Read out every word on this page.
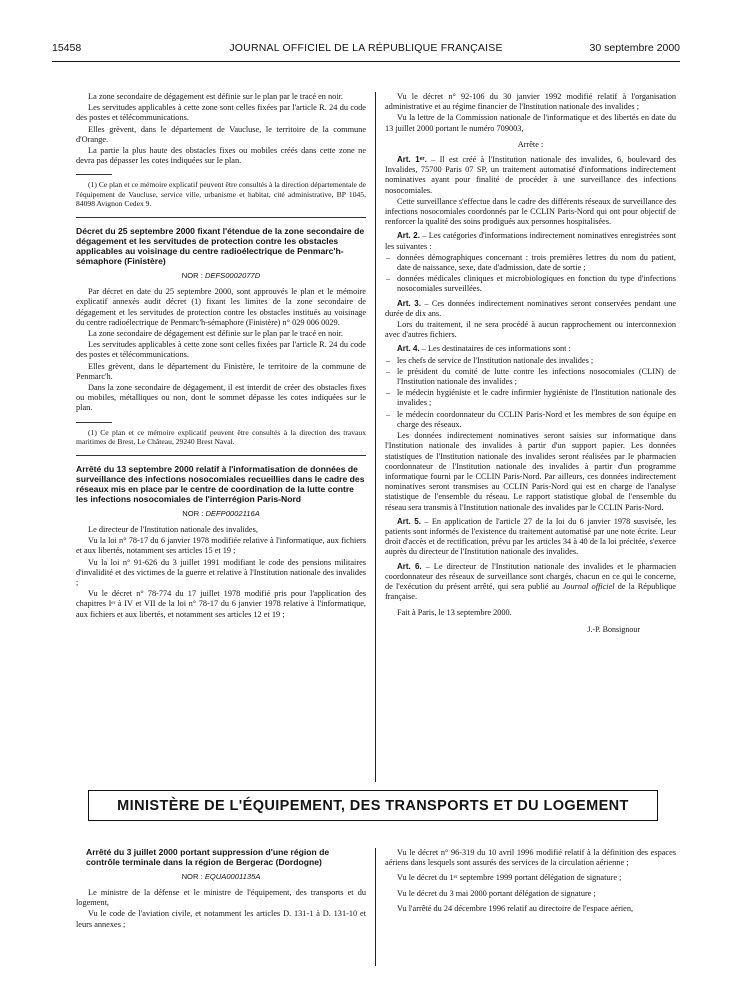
15458	JOURNAL OFFICIEL DE LA RÉPUBLIQUE FRANÇAISE	30 septembre 2000

La zone secondaire de dégagement est définie sur le plan par le tracé en noir.

Les servitudes applicables à cette zone sont celles fixées par l'article R. 24 du code des postes et télécommunications.

Elles grèvent, dans le département de Vaucluse, le territoire de la commune d'Orange.

La partie la plus haute des obstacles fixes ou mobiles créés dans cette zone ne devra pas dépasser les cotes indiquées sur le plan.

(1) Ce plan et ce mémoire explicatif peuvent être consultés à la direction départementale de l'équipement de Vaucluse, service ville, urbanisme et habitat, cité administrative, BP 1045, 84098 Avignon Cedex 9.

Décret du 25 septembre 2000 fixant l'étendue de la zone secondaire de dégagement et les servitudes de protection contre les obstacles applicables au voisinage du centre radioélectrique de Penmarc'h-sémaphore (Finistère)
NOR : DEFS0002077D

Par décret en date du 25 septembre 2000, sont approuvés le plan et le mémoire explicatif annexés audit décret (1) fixant les limites de la zone secondaire de dégagement et les servitudes de protection contre les obstacles institués au voisinage du centre radioélectrique de Penmarc'h-sémaphore (Finistère) n° 029 006 0029.

La zone secondaire de dégagement est définie sur le plan par le tracé en noir.

Les servitudes applicables à cette zone sont celles fixées par l'article R. 24 du code des postes et télécommunications.

Elles grèvent, dans le département du Finistère, le territoire de la commune de Penmarc'h.

Dans la zone secondaire de dégagement, il est interdit de créer des obstacles fixes ou mobiles, métalliques ou non, dont le sommet dépasse les cotes indiquées sur le plan.

(1) Ce plan et ce mémoire explicatif peuvent être consultés à la direction des travaux maritimes de Brest, Le Château, 29240 Brest Naval.

Arrêté du 13 septembre 2000 relatif à l'informatisation de données de surveillance des infections nosocomiales recueillies dans le cadre des réseaux mis en place par le centre de coordination de la lutte contre les infections nosocomiales de l'interrégion Paris-Nord
NOR : DEFP0002116A

Le directeur de l'Institution nationale des invalides,

Vu la loi n° 78-17 du 6 janvier 1978 modifiée relative à l'informatique, aux fichiers et aux libertés, notamment ses articles 15 et 19 ;

Vu la loi n° 91-626 du 3 juillet 1991 modifiant le code des pensions militaires d'invalidité et des victimes de la guerre et relative à l'Institution nationale des invalides ;

Vu le décret n° 78-774 du 17 juillet 1978 modifié pris pour l'application des chapitres Iᵉʳ à IV et VII de la loi n° 78-17 du 6 janvier 1978 relative à l'informatique, aux fichiers et aux libertés, et notamment ses articles 12 et 19 ;

Vu le décret n° 92-106 du 30 janvier 1992 modifié relatif à l'organisation administrative et au régime financier de l'Institution nationale des invalides ;

Vu la lettre de la Commission nationale de l'informatique et des libertés en date du 13 juillet 2000 portant le numéro 709003,

Arrête :

Art. 1ᵉʳ. – Il est créé à l'Institution nationale des invalides, 6, boulevard des Invalides, 75700 Paris 07 SP, un traitement automatisé d'informations indirectement nominatives ayant pour finalité de procéder à une surveillance des infections nosocomiales.

Cette surveillance s'effectue dans le cadre des différents réseaux de surveillance des infections nosocomiales coordonnés par le CCLIN Paris-Nord qui ont pour objectif de renforcer la qualité des soins prodigués aux personnes hospitalisées.

Art. 2. – Les catégories d'informations indirectement nominatives enregistrées sont les suivantes :

– données démographiques concernant : trois premières lettres du nom du patient, date de naissance, sexe, date d'admission, date de sortie ;
– données médicales cliniques et microbiologiques en fonction du type d'infections nosocomiales surveillées.

Art. 3. – Ces données indirectement nominatives seront conservées pendant une durée de dix ans.

Lors du traitement, il ne sera procédé à aucun rapprochement ou interconnexion avec d'autres fichiers.

Art. 4. – Les destinataires de ces informations sont :

– les chefs de service de l'Institution nationale des invalides ;
– le président du comité de lutte contre les infections nosocomiales (CLIN) de l'Institution nationale des invalides ;
– le médecin hygiéniste et le cadre infirmier hygiéniste de l'Institution nationale des invalides ;
– le médecin coordonnateur du CCLIN Paris-Nord et les membres de son équipe en charge des réseaux.

Les données indirectement nominatives seront saisies sur informatique dans l'Institution nationale des invalides à partir d'un support papier. Les données statistiques de l'Institution nationale des invalides seront réalisées par le pharmacien coordonnateur de l'Institution nationale des invalides à partir d'un programme informatique fourni par le CCLIN Paris-Nord. Par ailleurs, ces données indirectement nominatives seront transmises au CCLIN Paris-Nord qui est en charge de l'analyse statistique de l'ensemble du réseau. Le rapport statistique global de l'ensemble du réseau sera transmis à l'Institution nationale des invalides par le CCLIN Paris-Nord.

Art. 5. – En application de l'article 27 de la loi du 6 janvier 1978 susvisée, les patients sont informés de l'existence du traitement automatisé par une note écrite. Leur droit d'accès et de rectification, prévu par les articles 34 à 40 de la loi précitée, s'exerce auprès du directeur de l'Institution nationale des invalides.

Art. 6. – Le directeur de l'Institution nationale des invalides et le pharmacien coordonnateur des réseaux de surveillance sont chargés, chacun en ce qui le concerne, de l'exécution du présent arrêté, qui sera publié au Journal officiel de la République française.

Fait à Paris, le 13 septembre 2000.

J.-P. Bonsignour
MINISTÈRE DE L'ÉQUIPEMENT, DES TRANSPORTS ET DU LOGEMENT
Arrêté du 3 juillet 2000 portant suppression d'une région de contrôle terminale dans la région de Bergerac (Dordogne)
NOR : EQUA0001135A

Le ministre de la défense et le ministre de l'équipement, des transports et du logement,

Vu le code de l'aviation civile, et notamment les articles D. 131-1 à D. 131-10 et leurs annexes ;

Vu le décret n° 96-319 du 10 avril 1996 modifié relatif à la définition des espaces aériens dans lesquels sont assurés des services de la circulation aérienne ;

Vu le décret du 1ᵉʳ septembre 1999 portant délégation de signature ;

Vu le décret du 3 mai 2000 portant délégation de signature ;

Vu l'arrêté du 24 décembre 1996 relatif au directoire de l'espace aérien,
